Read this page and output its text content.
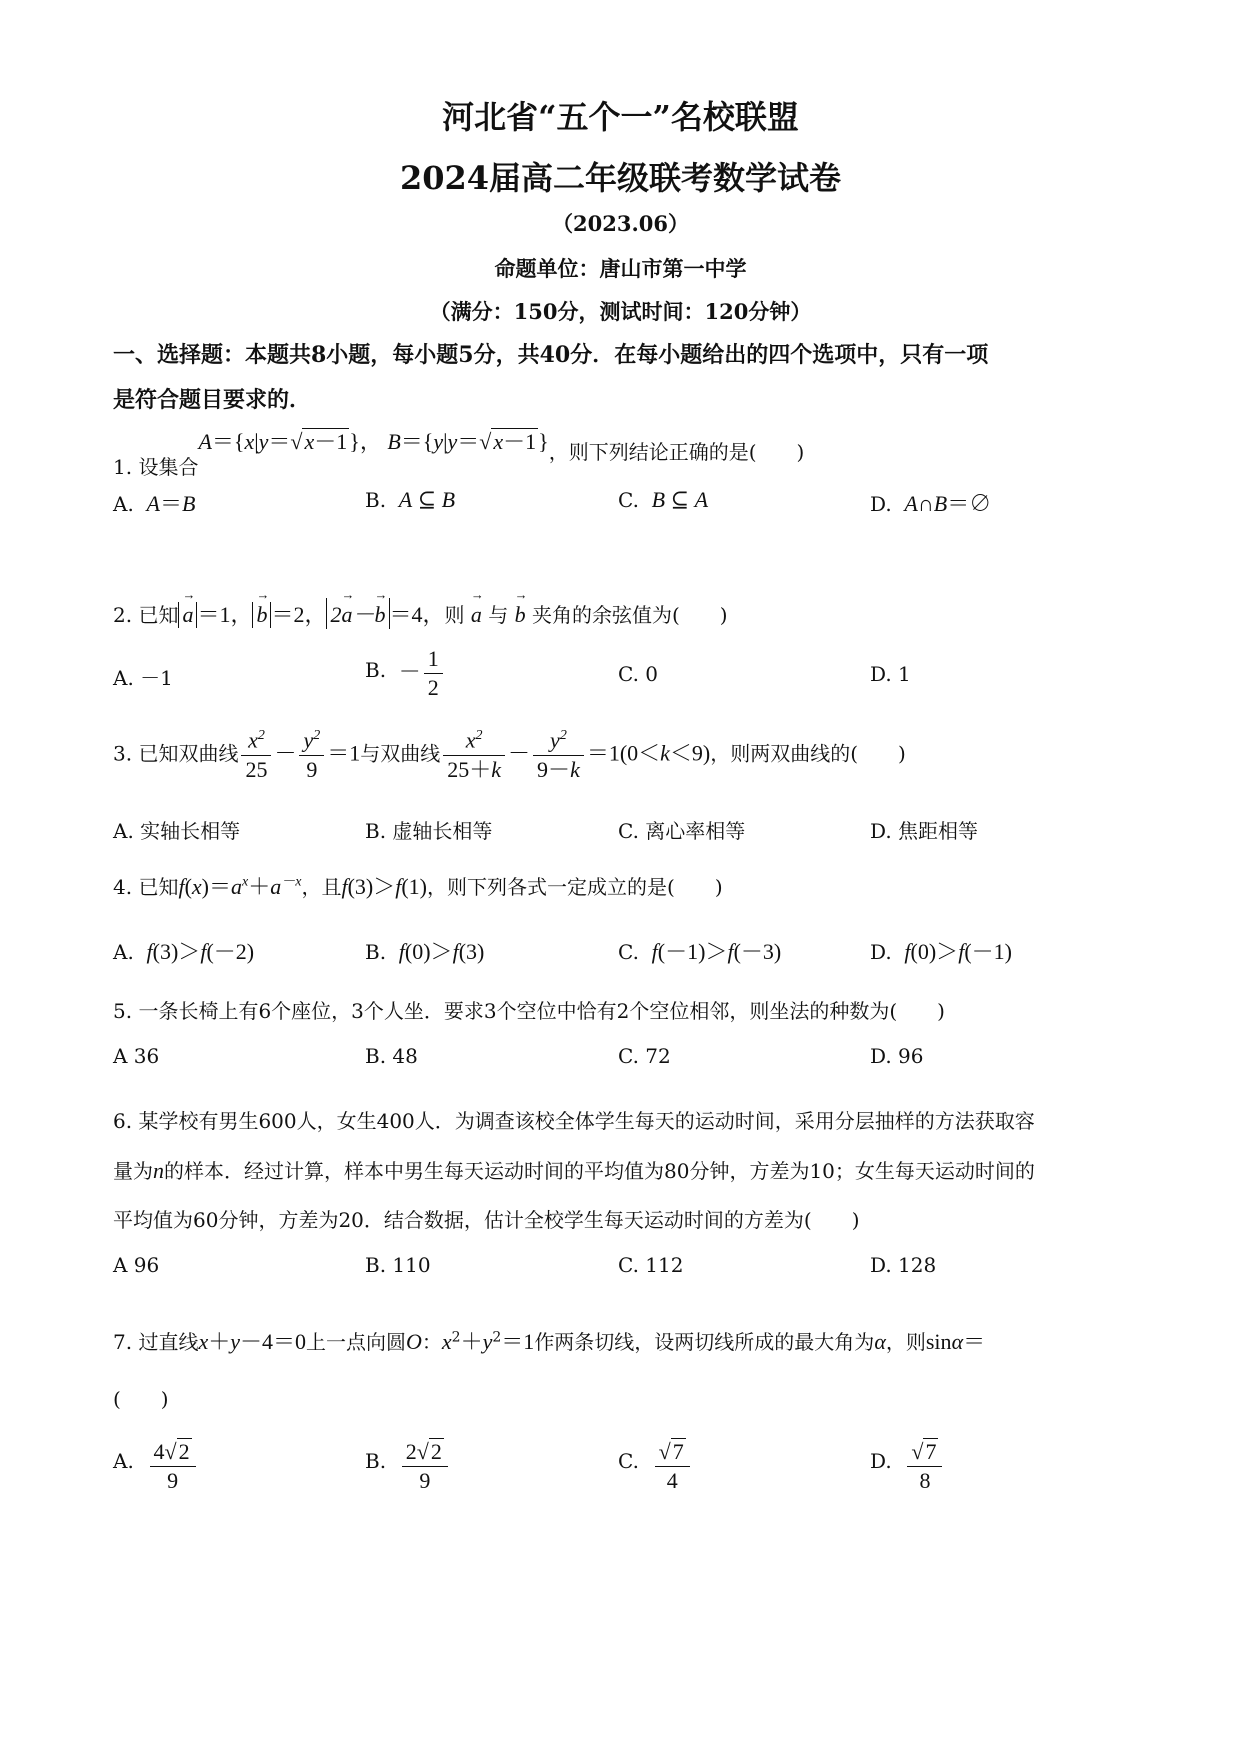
河北省“五个一”名校联盟
2024届高二年级联考数学试卷
（2023.06）
命题单位：唐山市第一中学
（满分：150分，测试时间：120分钟）
一、选择题：本题共8小题，每小题5分，共40分．在每小题给出的四个选项中，只有一项
是符合题目要求的．
1. 设集合A＝{x|y＝√x－1}， B＝{y|y＝√x－1}，则下列结论正确的是(　　)
A. A＝B	B. A ⊆ B	C. B ⊆ A	D. A∩B＝∅
2. 已知 → a ＝1， → b ＝2， 2→ a－→ b ＝4，则 → a 与 → b 夹角的余弦值为(　　)
A. －1	B. － $\frac{1}{2}$	C. 0	D. 1
3. 已知双曲线 $\frac{x^2}{25} - \frac{y^2}{9} =1$与双曲线 $\frac{x^2}{25+k} - \frac{y^2}{9-k} =1(0<k<9)$，则两双曲线的(　　)
A. 实轴长相等	B. 虚轴长相等	C. 离心率相等	D. 焦距相等
4. 已知$f(x)=a^x+a^{-x}$，且f(3)＞f(1)，则下列各式一定成立的是(　　)
A. f(3)＞f(－2)	B. f(0)＞f(3)	C. f(－1)＞f(－3)	D. f(0)＞f(－1)
5. 一条长椅上有6个座位，3个人坐．要求3个空位中恰有2个空位相邻，则坐法的种数为(　　)
A 36	B. 48	C. 72	D. 96
6. 某学校有男生600人，女生400人．为调查该校全体学生每天的运动时间，采用分层抽样的方法获取容
量为n的样本．经过计算，样本中男生每天运动时间的平均值为80分钟，方差为10；女生每天运动时间的
平均值为60分钟，方差为20．结合数据，估计全校学生每天运动时间的方差为(　　)
A 96	B. 110	C. 112	D. 128
7. 过直线x＋y－4＝0上一点向圆O：$x^2+y^2=1$作两条切线，设两切线所成的最大角为α，则sinα＝
(　　)
A. $\frac{4√2}{9}$	B. $\frac{2√2}{9}$	C. $\frac{√7}{4}$	D. $\frac{√7}{8}$
